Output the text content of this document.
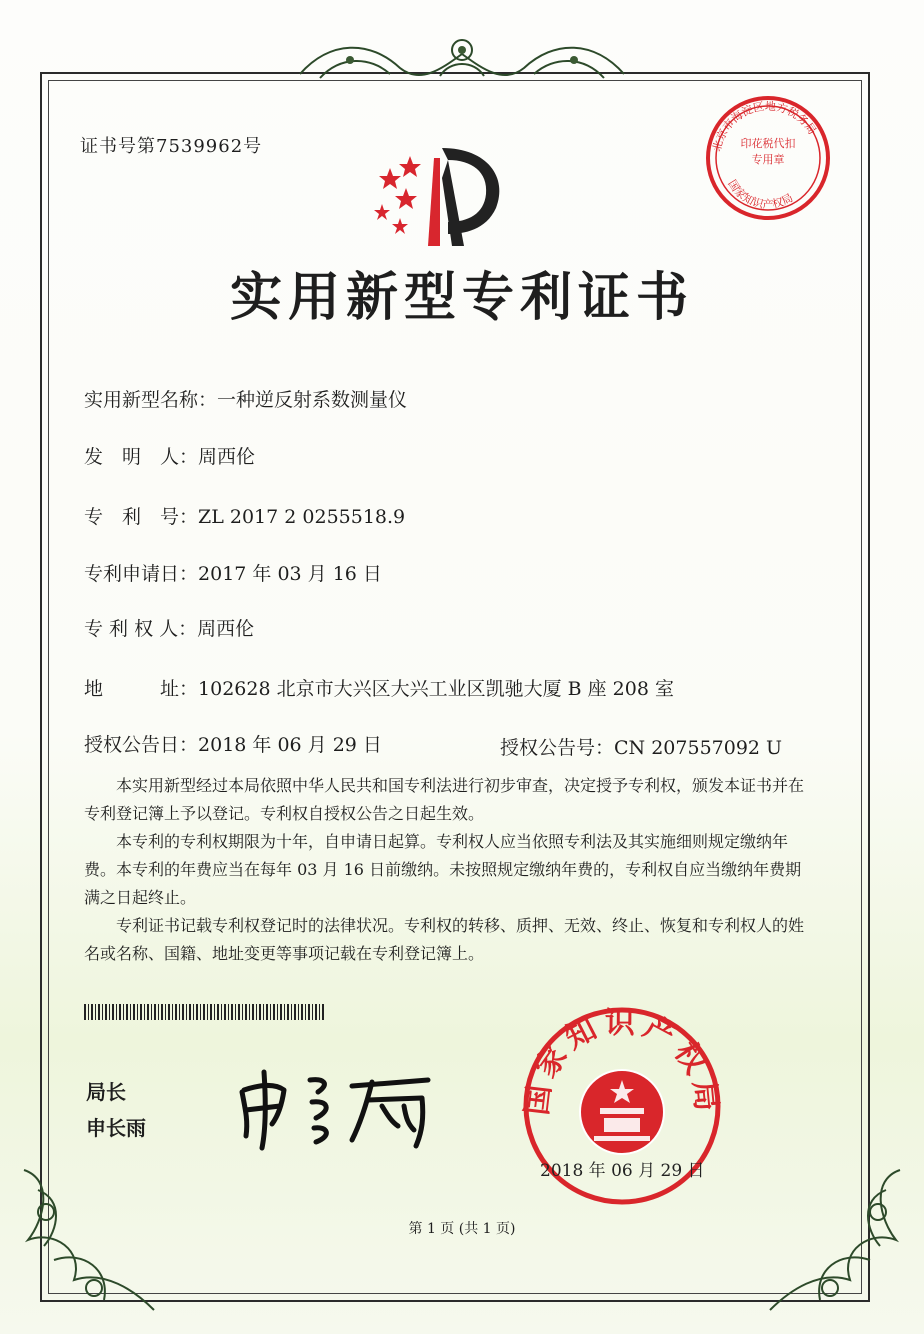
证书号第7539962号	北京市海淀区地方税务局
国家知识产权局
印花税代扣专用章
实用新型专利证书
实用新型名称：一种逆反射系数测量仪
发　明　人：周西伦
专　利　号：ZL 2017 2 0255518.9
专利申请日：2017 年 03 月 16 日
专 利 权 人：周西伦
地　　　址：102628 北京市大兴区大兴工业区凯驰大厦 B 座 208 室
授权公告日：2018 年 06 月 29 日	授权公告号：CN 207557092 U
本实用新型经过本局依照中华人民共和国专利法进行初步审查，决定授予专利权，颁发本证书并在专利登记簿上予以登记。专利权自授权公告之日起生效。
本专利的专利权期限为十年，自申请日起算。专利权人应当依照专利法及其实施细则规定缴纳年费。本专利的年费应当在每年 03 月 16 日前缴纳。未按照规定缴纳年费的，专利权自应当缴纳年费期满之日起终止。
专利证书记载专利权登记时的法律状况。专利权的转移、质押、无效、终止、恢复和专利权人的姓名或名称、国籍、地址变更等事项记载在专利登记簿上。
局长
申长雨
国家知识产权局
2018 年 06 月 29 日
第 1 页 (共 1 页)
